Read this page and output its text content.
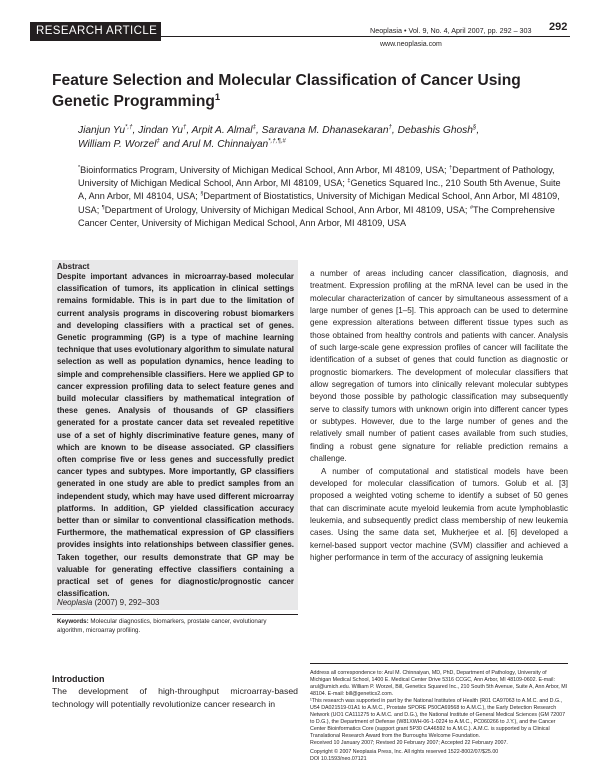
RESEARCH ARTICLE	Neoplasia • Vol. 9, No. 4, April 2007, pp. 292 – 303 292
www.neoplasia.com
Feature Selection and Molecular Classification of Cancer Using Genetic Programming$^1$
Jianjun Yu*,†, Jindan Yu†, Arpit A. Almal‡, Saravana M. Dhanasekaran†, Debashis Ghosh§, William P. Worzel‡ and Arul M. Chinnaiyan*,†,¶,#
*Bioinformatics Program, University of Michigan Medical School, Ann Arbor, MI 48109, USA; †Department of Pathology, University of Michigan Medical School, Ann Arbor, MI 48109, USA; ‡Genetics Squared Inc., 210 South 5th Avenue, Suite A, Ann Arbor, MI 48104, USA; §Department of Biostatistics, University of Michigan Medical School, Ann Arbor, MI 48109, USA; ¶Department of Urology, University of Michigan Medical School, Ann Arbor, MI 48109, USA; #The Comprehensive Cancer Center, University of Michigan Medical School, Ann Arbor, MI 48109, USA
Abstract
Despite important advances in microarray-based molecular classification of tumors, its application in clinical settings remains formidable. This is in part due to the limitation of current analysis programs in discovering robust biomarkers and developing classifiers with a practical set of genes. Genetic programming (GP) is a type of machine learning technique that uses evolutionary algorithm to simulate natural selection as well as population dynamics, hence leading to simple and comprehensible classifiers. Here we applied GP to cancer expression profiling data to select feature genes and build molecular classifiers by mathematical integration of these genes. Analysis of thousands of GP classifiers generated for a prostate cancer data set revealed repetitive use of a set of highly discriminative feature genes, many of which are known to be disease associated. GP classifiers often comprise five or less genes and successfully predict cancer types and subtypes. More importantly, GP classifiers generated in one study are able to predict samples from an independent study, which may have used different microarray platforms. In addition, GP yielded classification accuracy better than or similar to conventional classification methods. Furthermore, the mathematical expression of GP classifiers provides insights into relationships between classifier genes. Taken together, our results demonstrate that GP may be valuable for generating effective classifiers containing a practical set of genes for diagnostic/prognostic cancer classification.
Neoplasia (2007) 9, 292–303
Keywords: Molecular diagnostics, biomarkers, prostate cancer, evolutionary algorithm, microarray profiling.
Introduction
The development of high-throughput microarray-based technology will potentially revolutionize cancer research in

a number of areas including cancer classification, diagnosis, and treatment. Expression profiling at the mRNA level can be used in the molecular characterization of cancer by simultaneous assessment of a large number of genes [1–5]. This approach can be used to determine gene expression alterations between different tissue types such as those obtained from healthy controls and patients with cancer. Analysis of such large-scale gene expression profiles of cancer will facilitate the identification of a subset of genes that could function as diagnostic or prognostic biomarkers. The development of molecular classifiers that allow segregation of tumors into clinically relevant molecular subtypes beyond those possible by pathologic classification may subsequently serve to classify tumors with unknown origin into different cancer types or subtypes. However, due to the large number of genes and the relatively small number of patient cases available from such studies, finding a robust gene signature for reliable prediction remains a challenge.

A number of computational and statistical models have been developed for molecular classification of tumors. Golub et al. [3] proposed a weighted voting scheme to identify a subset of 50 genes that can discriminate acute myeloid leukemia from acute lymphoblastic leukemia, and subsequently predict class membership of new leukemia cases. Using the same data set, Mukherjee et al. [6] developed a kernel-based support vector machine (SVM) classifier and achieved a higher performance in term of the accuracy of assigning leukemia

Address all correspondence to: Arul M. Chinnaiyan, MD, PhD, Department of Pathology, University of Michigan Medical School, 1400 E. Medical Center Drive 5316 CCGC, Ann Arbor, MI 48109-0602. E-mail: arul@umich.edu. William P. Worzel, Bill, Genetics Squared Inc., 210 South 5th Avenue, Suite A, Ann Arbor, MI 48104. E-mail: bill@genetics2.com.

¹This research was supported in part by the National Institutes of Health (R01 CA97063 to A.M.C. and D.G., U54 DA021519-01A1 to A.M.C., Prostate SPORE P50CA69568 to A.M.C.), the Early Detection Research Network (UO1 CA111275 to A.M.C. and D.G.), the National Institute of General Medical Sciences (GM 72007 to D.G.), the Department of Defense (W81XWH-06-1-0224 to A.M.C., PC060266 to J.Y.), and the Cancer Center Bioinformatics Core (support grant 5P30 CA46592 to A.M.C.). A.M.C. is supported by a Clinical Translational Research Award from the Burroughs Welcome Foundation.

Received 10 January 2007; Revised 20 February 2007; Accepted 22 February 2007.

Copyright © 2007 Neoplasia Press, Inc. All rights reserved 1522-8002/07/$25.00

DOI 10.1593/neo.07121
